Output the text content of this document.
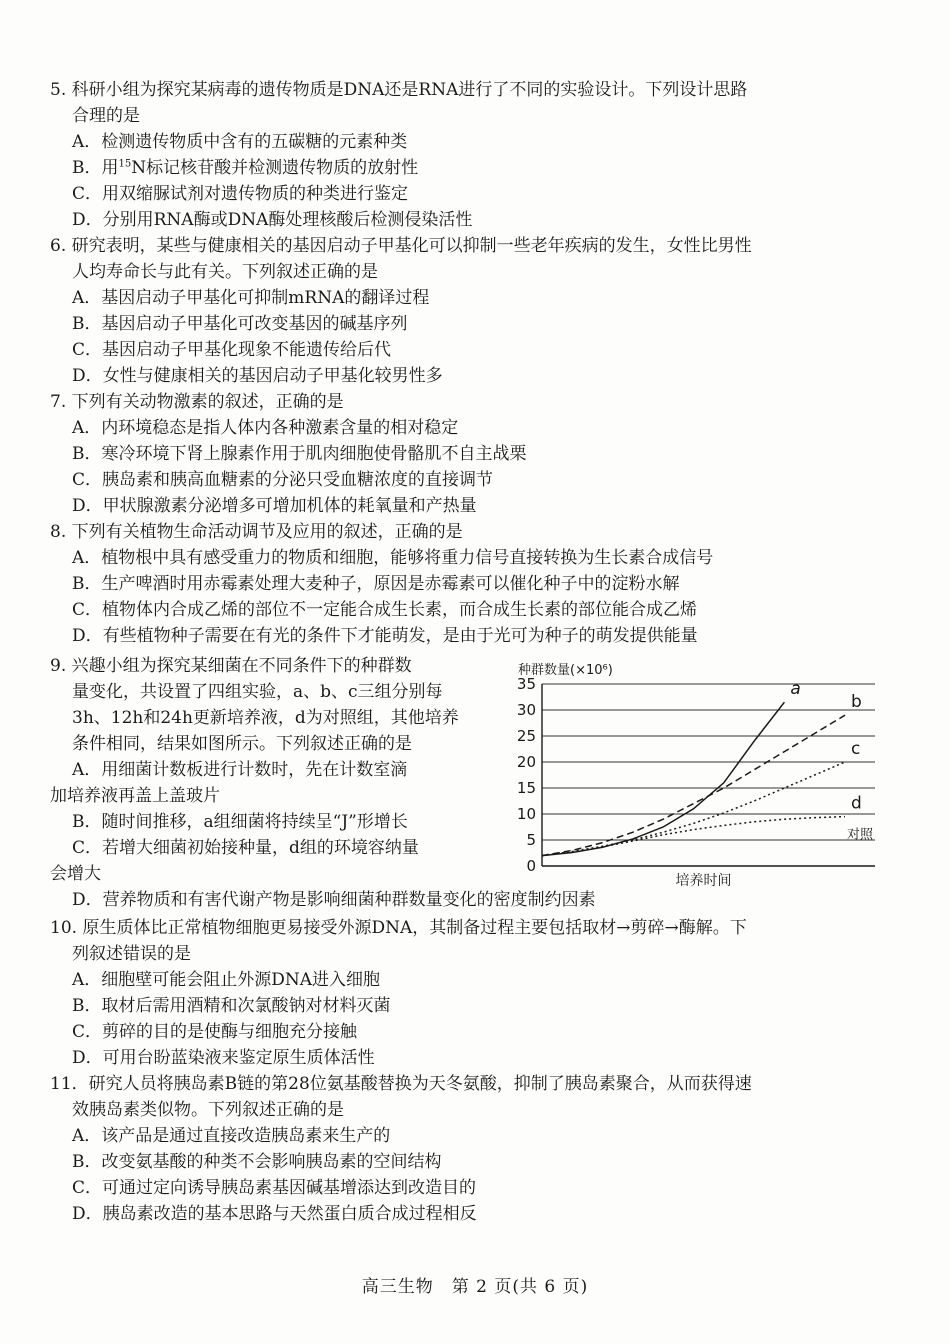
5. 科研小组为探究某病毒的遗传物质是DNA还是RNA进行了不同的实验设计。下列设计思路
合理的是
A．检测遗传物质中含有的五碳糖的元素种类
B．用$^{15}$N标记核苷酸并检测遗传物质的放射性
C．用双缩脲试剂对遗传物质的种类进行鉴定
D．分别用RNA酶或DNA酶处理核酸后检测侵染活性
6. 研究表明，某些与健康相关的基因启动子甲基化可以抑制一些老年疾病的发生，女性比男性
人均寿命长与此有关。下列叙述正确的是
A．基因启动子甲基化可抑制mRNA的翻译过程
B．基因启动子甲基化可改变基因的碱基序列
C．基因启动子甲基化现象不能遗传给后代
D．女性与健康相关的基因启动子甲基化较男性多
7. 下列有关动物激素的叙述，正确的是
A．内环境稳态是指人体内各种激素含量的相对稳定
B．寒冷环境下肾上腺素作用于肌肉细胞使骨骼肌不自主战栗
C．胰岛素和胰高血糖素的分泌只受血糖浓度的直接调节
D．甲状腺激素分泌增多可增加机体的耗氧量和产热量
8. 下列有关植物生命活动调节及应用的叙述，正确的是
A．植物根中具有感受重力的物质和细胞，能够将重力信号直接转换为生长素合成信号
B．生产啤酒时用赤霉素处理大麦种子，原因是赤霉素可以催化种子中的淀粉水解
C．植物体内合成乙烯的部位不一定能合成生长素，而合成生长素的部位能合成乙烯
D．有些植物种子需要在有光的条件下才能萌发，是由于光可为种子的萌发提供能量
9. 兴趣小组为探究某细菌在不同条件下的种群数
量变化，共设置了四组实验，a、b、c三组分别每
3h、12h和24h更新培养液，d为对照组，其他培养
条件相同，结果如图所示。下列叙述正确的是
A．用细菌计数板进行计数时，先在计数室滴
加培养液再盖上盖玻片
B．随时间推移，a组细菌将持续呈“J”形增长
C．若增大细菌初始接种量，d组的环境容纳量
会增大
D．营养物质和有害代谢产物是影响细菌种群数量变化的密度制约因素
种群数量(×10⁶)
0
5
10
15
20
25
30
35
培养时间
a
b
c
d
对照
10. 原生质体比正常植物细胞更易接受外源DNA，其制备过程主要包括取材→剪碎→酶解。下
列叙述错误的是
A．细胞壁可能会阻止外源DNA进入细胞
B．取材后需用酒精和次氯酸钠对材料灭菌
C．剪碎的目的是使酶与细胞充分接触
D．可用台盼蓝染液来鉴定原生质体活性
11．研究人员将胰岛素B链的第28位氨基酸替换为天冬氨酸，抑制了胰岛素聚合，从而获得速
效胰岛素类似物。下列叙述正确的是
A．该产品是通过直接改造胰岛素来生产的
B．改变氨基酸的种类不会影响胰岛素的空间结构
C．可通过定向诱导胰岛素基因碱基增添达到改造目的
D．胰岛素改造的基本思路与天然蛋白质合成过程相反
高三生物　第 2 页(共 6 页)
